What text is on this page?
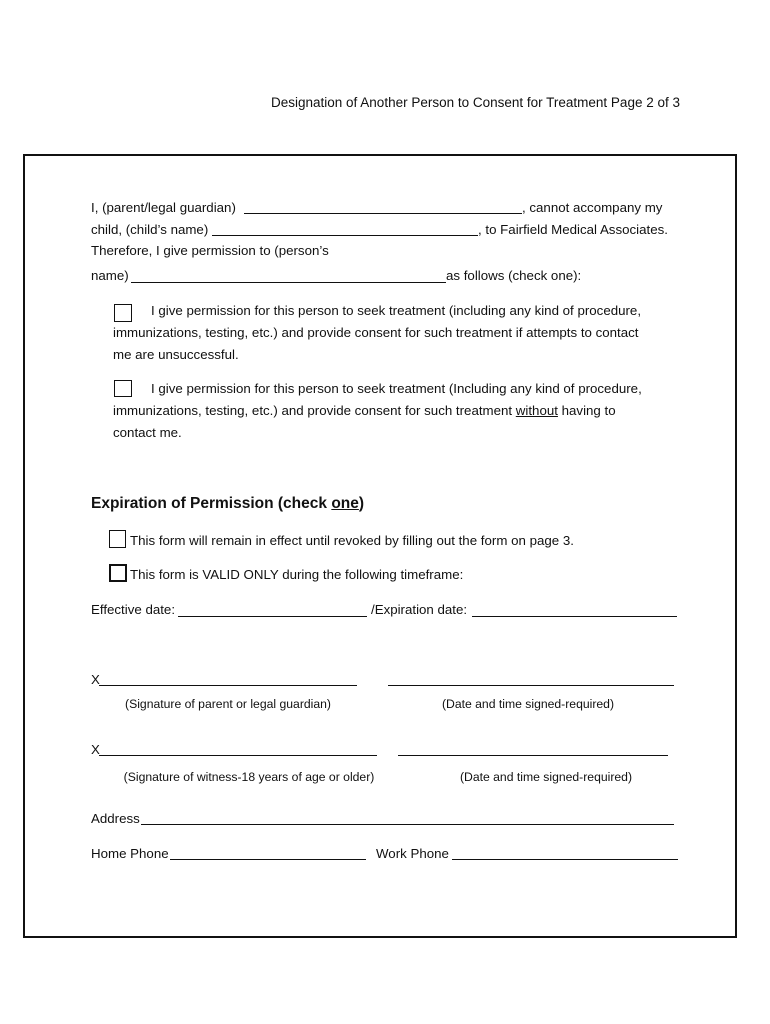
Designation of Another Person to Consent for Treatment Page 2 of 3
I, (parent/legal guardian)	, cannot accompany my
child, (child’s name)	, to Fairfield Medical Associates.
Therefore, I give permission to (person’s
name)	as follows (check one):
I give permission for this person to seek treatment (including any kind of procedure,
immunizations, testing, etc.) and provide consent for such treatment if attempts to contact
me are unsuccessful.
I give permission for this person to seek treatment (Including any kind of procedure,
immunizations, testing, etc.) and provide consent for such treatment without having to
contact me.
Expiration of Permission (check one)
This form will remain in effect until revoked by filling out the form on page 3.
This form is VALID ONLY during the following timeframe:
Effective date:	/Expiration date:
X
(Signature of parent or legal guardian)	(Date and time signed-required)
X
(Signature of witness-18 years of age or older)	(Date and time signed-required)
Address
Home Phone	Work Phone
